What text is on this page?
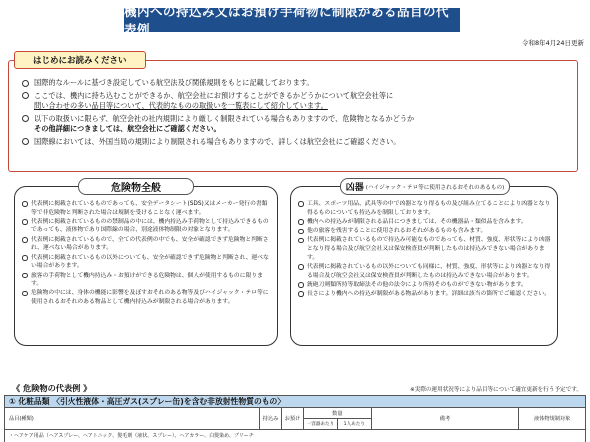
機内への持込み又はお預け手荷物に制限がある品目の代表例
令和8年4月24日更新
はじめにお読みください
国際的なルールに基づき設定している航空法及び関係規則をもとに記載しております。
ここでは、機内に持ち込むことができるか、航空会社にお預けすることができるかどうかについて航空会社等に
問い合わせの多い品目等について、代表的なものの取扱いを一覧表にして紹介しています。
以下の取扱いに限らず、航空会社の社内規則により厳しく制限されている場合もありますので、危険物となるかどうか
その他詳細につきましては、航空会社にご確認ください。
国際線においては、外国当局の規則により制限される場合もありますので、詳しくは航空会社にご確認ください。
危険物全般
代表例に掲載されているものであっても、安全データシート(SDS)又はメーカー発行の書類等で非危険物と判断された場合は規制を受けることなく運べます。
代表例に掲載されているものの禁制品の中には、機内持込み手荷物として持込みできるものであっても、液体物であり国際線の場合、別途液体物制限の対象となります。
代表例に掲載されているもので、全ての代表例の中でも、安全が確認できず危険物と判断され、運べない場合があります。
代表例に掲載されているもの以外についても、安全が確認できず危険物と判断され、運べない場合があります。
旅客の手荷物として機内持込み・お預けができる危険物は、個人が使用するものに限ります。
危険物の中には、身体の機能に影響を及ぼすおそれのある物等及びハイジャック・テロ等に使用されるおそれのある物品として機内持込みが制限される場合があります。
凶器 (ハイジャック・テロ等に使用されるおそれのあるもの)
工具、スポーツ用品、武具等の中で凶器となり得るもの及び組み立てることにより凶器となり得るものについても持込みを制限しております。
機内への持込みが制限される品目につきましては、その機器品・類似品を含みます。
他の旅客を残害することに使用されるおそれがあるものも含みます。
代表例に掲載されているもので持込み可能なものであっても、材質、強度、形状等により凶器となり得る場合及び航空会社又は保安検査員が判断したものは持込みできない場合があります。
代表例に掲載されているもの以外についても同様に、材質、強度、形状等により凶器となり得る場合及び航空会社又は保安検査員が判断したものは持込みできない場合があります。
銃砲刀剣類所持等取締法その他の法令により所持そのものができない物があります。
長さにより機内への持込が制限がある物品があります。詳細は該当の箇所でご確認ください。
《 危険物の代表例 》	※実際の運用状況等により品目等について適宜更新を行う予定です。
① 化粧品類 〈引火性液体・高圧ガス(スプレー缶)を含む非放射性物質のもの〉
品目(種類)	持込み	お預け
数量
一容器あたり	1人あたり
備考	液体物規制対象
・ヘアケア用品（ヘアスプレー、ヘアトニック、髪毛剤（液状、スプレー）、ヘアカラー、白髪染め、ブリーチ
